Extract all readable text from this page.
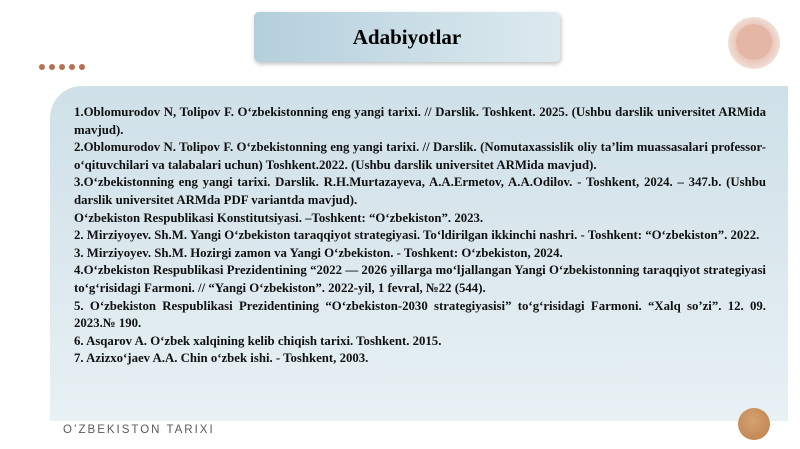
Adabiyotlar

1.Oblomurodov N, Tolipov F. O‘zbekistonning eng yangi tarixi. // Darslik. Toshkent. 2025. (Ushbu darslik universitet ARMida mavjud).

2.Oblomurodov N. Tolipov F. O‘zbekistonning eng yangi tarixi. // Darslik. (Nomutaxassislik oliy ta’lim muassasalari professor-o‘qituvchilari va talabalari uchun) Toshkent.2022. (Ushbu darslik universitet ARMida mavjud).

3.O‘zbekistonning eng yangi tarixi. Darslik. R.H.Murtazayeva, A.A.Ermetov, A.A.Odilov. - Toshkent, 2024. – 347.b. (Ushbu darslik universitet ARMda PDF variantda mavjud).

O‘zbekiston Respublikasi Konstitutsiyasi. –Toshkent: “O‘zbekiston”. 2023.

2. Mirziyoyev. Sh.M. Yangi O‘zbekiston taraqqiyot strategiyasi. To‘ldirilgan ikkinchi nashri. - Toshkent: “O‘zbekiston”. 2022.

3. Mirziyoyev. Sh.M. Hozirgi zamon va Yangi O‘zbekiston. - Toshkent: O‘zbekiston, 2024.

4.O‘zbekiston Respublikasi Prezidentining “2022 — 2026 yillarga mo‘ljallangan Yangi O‘zbekistonning taraqqiyot strategiyasi to‘g‘risidagi Farmoni. // “Yangi O‘zbekiston”. 2022-yil, 1 fevral, №22 (544).

5. O‘zbekiston Respublikasi Prezidentining “O‘zbekiston-2030 strategiyasisi” to‘g‘risidagi Farmoni. “Xalq so’zi”. 12. 09. 2023.№ 190.

6. Asqarov A. O‘zbek xalqining kelib chiqish tarixi. Toshkent. 2015.

7. Azizxo‘jaev A.A. Chin o‘zbek ishi. - Toshkent, 2003.

O’ZBEKISTON TARIXI
